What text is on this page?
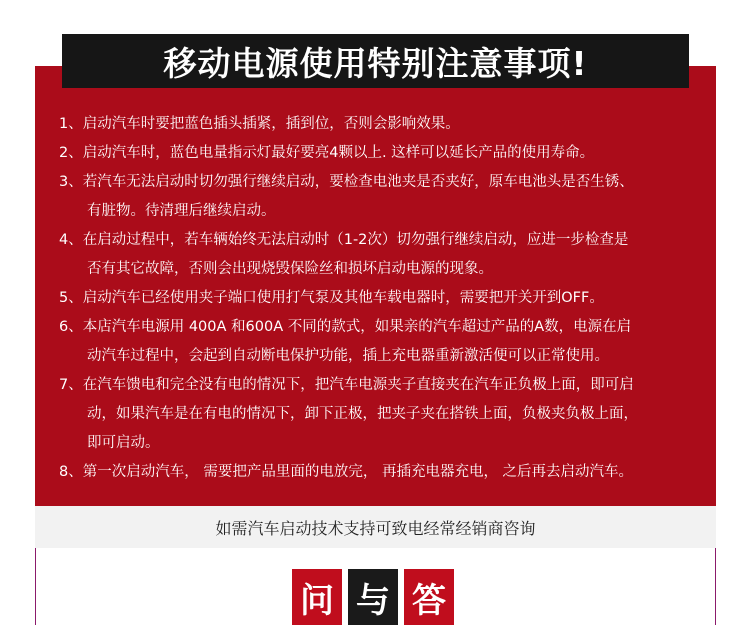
移动电源使用特别注意事项!
1、启动汽车时要把蓝色插头插紧，插到位，否则会影响效果。
2、启动汽车时，蓝色电量指示灯最好要亮4颗以上. 这样可以延长产品的使用寿命。
3、若汽车无法启动时切勿强行继续启动，要检查电池夹是否夹好，原车电池头是否生锈、
有脏物。待清理后继续启动。
4、在启动过程中，若车辆始终无法启动时（1-2次）切勿强行继续启动，应进一步检查是
否有其它故障，否则会出现烧毁保险丝和损坏启动电源的现象。
5、启动汽车已经使用夹子端口使用打气泵及其他车载电器时，需要把开关开到OFF。
6、本店汽车电源用 400A 和600A 不同的款式，如果亲的汽车超过产品的A数，电源在启
动汽车过程中，会起到自动断电保护功能，插上充电器重新激活便可以正常使用。
7、在汽车馈电和完全没有电的情况下，把汽车电源夹子直接夹在汽车正负极上面，即可启
动，如果汽车是在有电的情况下，卸下正极，把夹子夹在搭铁上面，负极夹负极上面，
即可启动。
8、第一次启动汽车， 需要把产品里面的电放完， 再插充电器充电， 之后再去启动汽车。
如需汽车启动技术支持可致电经常经销商咨询
问 与 答
